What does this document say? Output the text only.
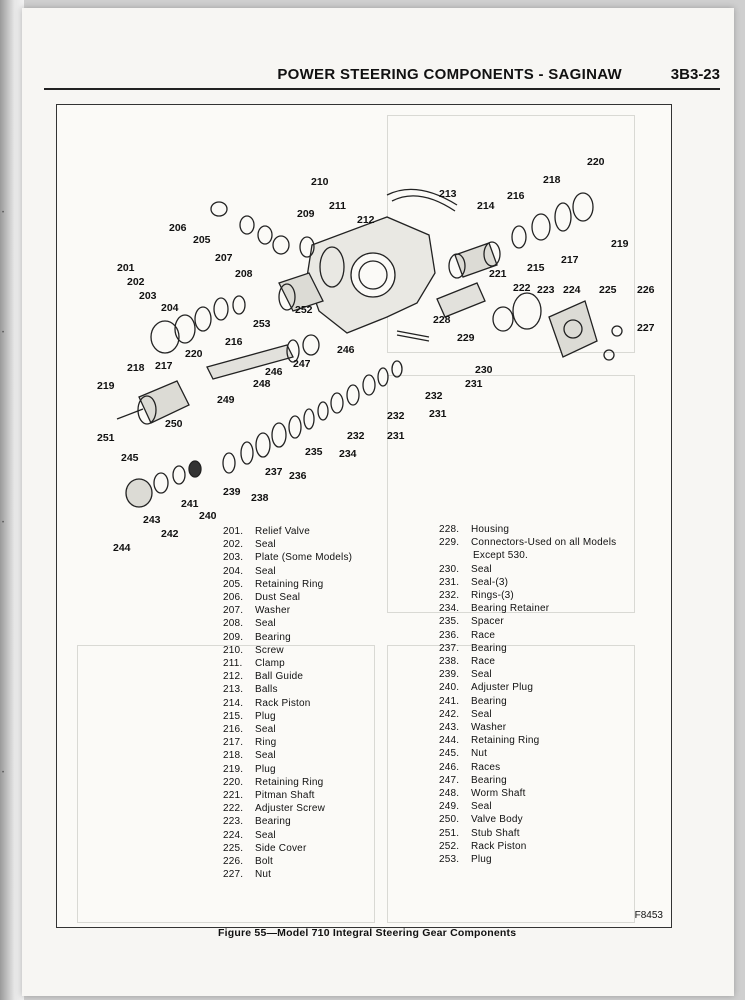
•
•
•
•
POWER STEERING COMPONENTS - SAGINAW	3B3-23
210
211
212
213
214
216
218
220
209
206
205
207
208
201
202
203
204
215
217
219
221
222 223 224 225 226
227
228
229
253
252
216
246
247
246
219
218 217
220
248
249
230
231
232
231
232
231
232
234
235
236
237
238
239
240
241
242
243
244
245
251
250
201. Relief Valve
202. Seal
203. Plate (Some Models)
204. Seal
205. Retaining Ring
206. Dust Seal
207. Washer
208. Seal
209. Bearing
210. Screw
211. Clamp
212. Ball Guide
213. Balls
214. Rack Piston
215. Plug
216. Seal
217. Ring
218. Seal
219. Plug
220. Retaining Ring
221. Pitman Shaft
222. Adjuster Screw
223. Bearing
224. Seal
225. Side Cover
226. Bolt
227. Nut
228. Housing
229. Connectors-Used on all Models
Except 530.
230. Seal
231. Seal-(3)
232. Rings-(3)
234. Bearing Retainer
235. Spacer
236. Race
237. Bearing
238. Race
239. Seal
240. Adjuster Plug
241. Bearing
242. Seal
243. Washer
244. Retaining Ring
245. Nut
246. Races
247. Bearing
248. Worm Shaft
249. Seal
250. Valve Body
251. Stub Shaft
252. Rack Piston
253. Plug
F8453
Figure 55—Model 710 Integral Steering Gear Components
